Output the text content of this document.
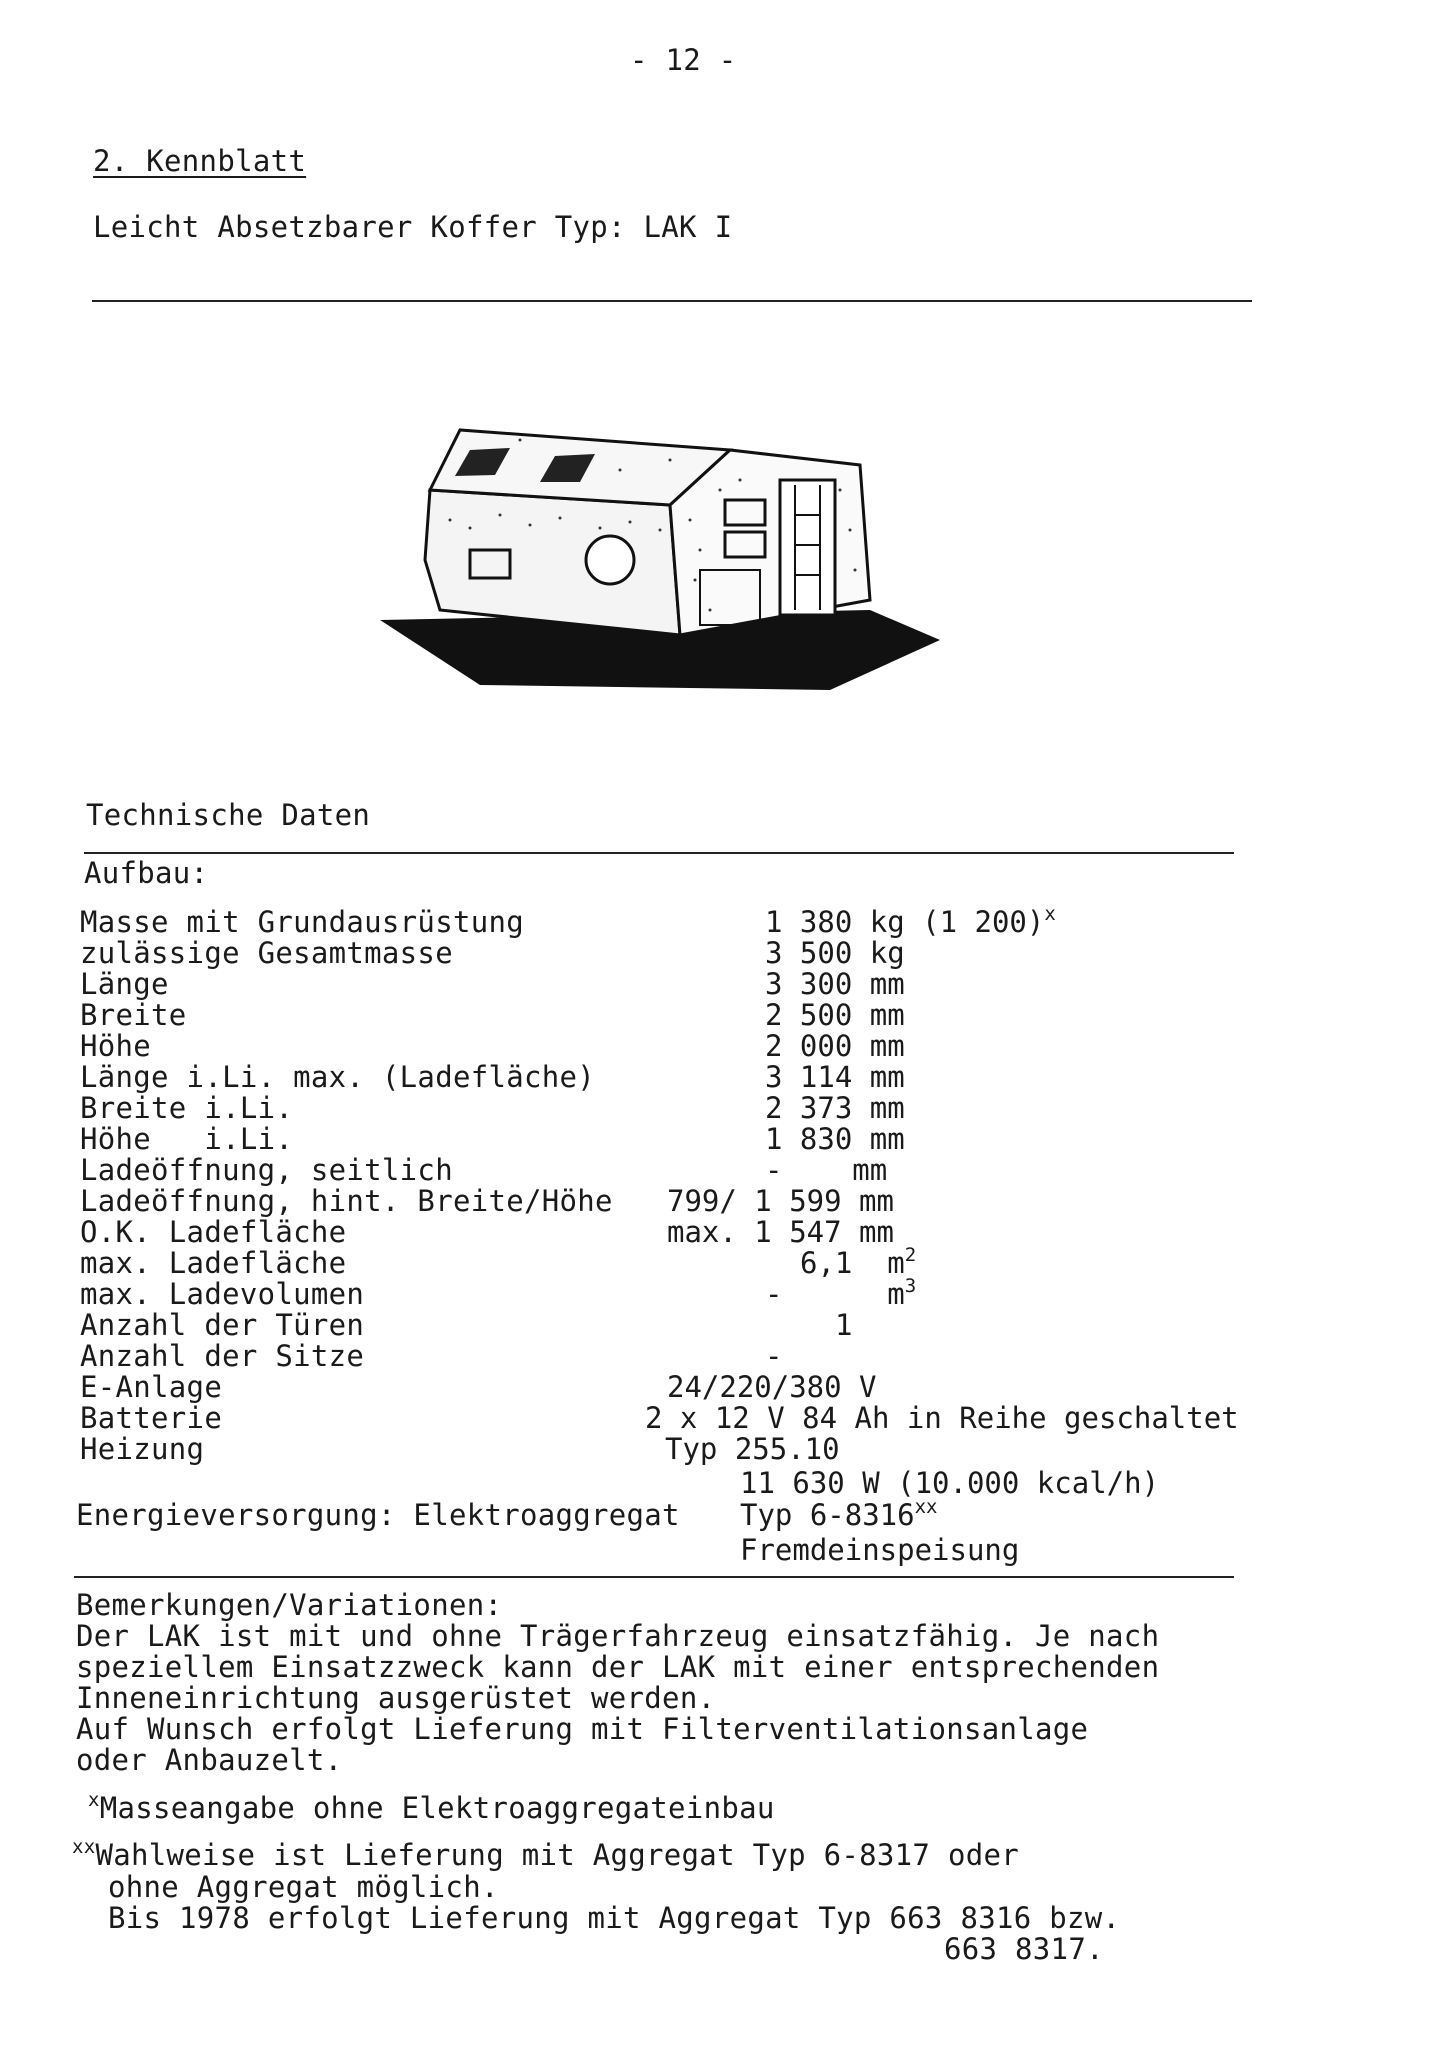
- 12 -
2. Kennblatt
Leicht Absetzbarer Koffer Typ: LAK I
Technische Daten
Aufbau:
Masse mit Grundausrüstung
zulässige Gesamtmasse
Länge
Breite
Höhe
Länge i.Li. max. (Ladefläche)
Breite i.Li.
Höhe   i.Li.
Ladeöffnung, seitlich
Ladeöffnung, hint. Breite/Höhe
O.K. Ladefläche
max. Ladefläche
max. Ladevolumen
Anzahl der Türen
Anzahl der Sitze
E-Anlage
Batterie
Heizung
1 380 kg (1 200)$^x$
3 500 kg
3 300 mm
2 500 mm
2 000 mm
3 114 mm
2 373 mm
1 830 mm
-    mm
799/ 1 599 mm
max. 1 547 mm
6,1  $m^2$
-      $m^3$
1
-
24/220/380 V
2 x 12 V 84 Ah in Reihe geschaltet
Typ 255.10
11 630 W (10.000 kcal/h)
Energieversorgung: Elektroaggregat Typ 6-8316$^{xx}$
Fremdeinspeisung
Bemerkungen/Variationen:
Der LAK ist mit und ohne Trägerfahrzeug einsatzfähig. Je nach
speziellem Einsatzzweck kann der LAK mit einer entsprechenden
Inneneinrichtung ausgerüstet werden.
Auf Wunsch erfolgt Lieferung mit Filterventilationsanlage
oder Anbauzelt.
$^x$Masseangabe ohne Elektroaggregateinbau
$^{xx}$Wahlweise ist Lieferung mit Aggregat Typ 6-8317 oder
ohne Aggregat möglich.
Bis 1978 erfolgt Lieferung mit Aggregat Typ 663 8316 bzw.
663 8317.
